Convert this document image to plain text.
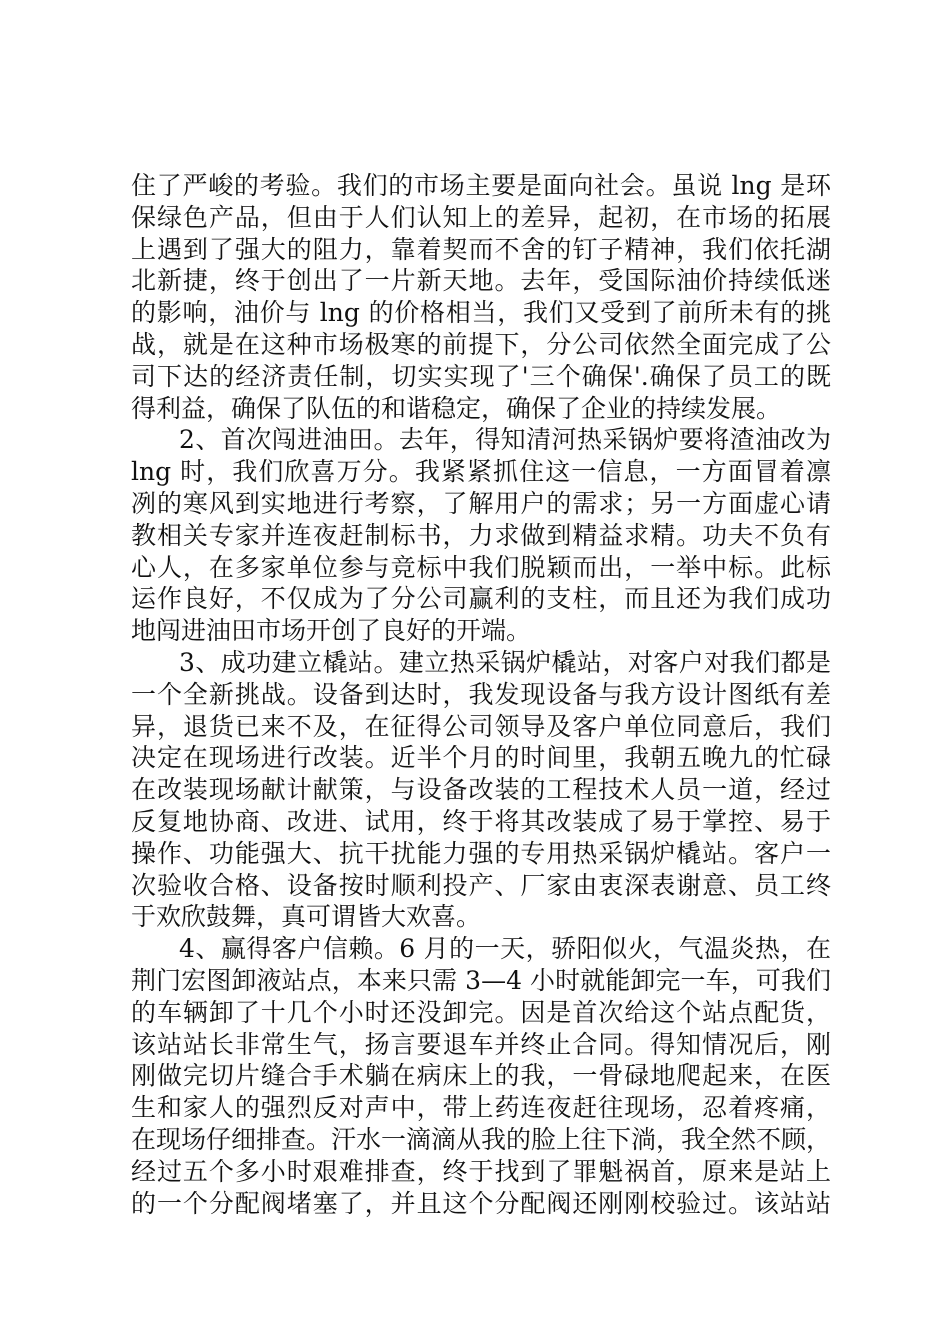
住了严峻的考验。我们的市场主要是面向社会。虽说 lng 是环
保绿色产品，但由于人们认知上的差异，起初，在市场的拓展
上遇到了强大的阻力，靠着契而不舍的钉子精神，我们依托湖
北新捷，终于创出了一片新天地。去年，受国际油价持续低迷
的影响，油价与 lng 的价格相当，我们又受到了前所未有的挑
战，就是在这种市场极寒的前提下，分公司依然全面完成了公
司下达的经济责任制，切实实现了'三个确保'.确保了员工的既
得利益，确保了队伍的和谐稳定，确保了企业的持续发展。
2、首次闯进油田。去年，得知清河热采锅炉要将渣油改为
lng 时，我们欣喜万分。我紧紧抓住这一信息，一方面冒着凛
冽的寒风到实地进行考察，了解用户的需求；另一方面虚心请
教相关专家并连夜赶制标书，力求做到精益求精。功夫不负有
心人，在多家单位参与竞标中我们脱颖而出，一举中标。此标
运作良好，不仅成为了分公司赢利的支柱，而且还为我们成功
地闯进油田市场开创了良好的开端。
3、成功建立橇站。建立热采锅炉橇站，对客户对我们都是
一个全新挑战。设备到达时，我发现设备与我方设计图纸有差
异，退货已来不及，在征得公司领导及客户单位同意后，我们
决定在现场进行改装。近半个月的时间里，我朝五晚九的忙碌
在改装现场献计献策，与设备改装的工程技术人员一道，经过
反复地协商、改进、试用，终于将其改装成了易于掌控、易于
操作、功能强大、抗干扰能力强的专用热采锅炉橇站。客户一
次验收合格、设备按时顺利投产、厂家由衷深表谢意、员工终
于欢欣鼓舞，真可谓皆大欢喜。
4、赢得客户信赖。6 月的一天，骄阳似火，气温炎热，在
荆门宏图卸液站点，本来只需 3—4 小时就能卸完一车，可我们
的车辆卸了十几个小时还没卸完。因是首次给这个站点配货，
该站站长非常生气，扬言要退车并终止合同。得知情况后，刚
刚做完切片缝合手术躺在病床上的我，一骨碌地爬起来，在医
生和家人的强烈反对声中，带上药连夜赶往现场，忍着疼痛，
在现场仔细排查。汗水一滴滴从我的脸上往下淌，我全然不顾，
经过五个多小时艰难排查，终于找到了罪魁祸首，原来是站上
的一个分配阀堵塞了，并且这个分配阀还刚刚校验过。该站站
